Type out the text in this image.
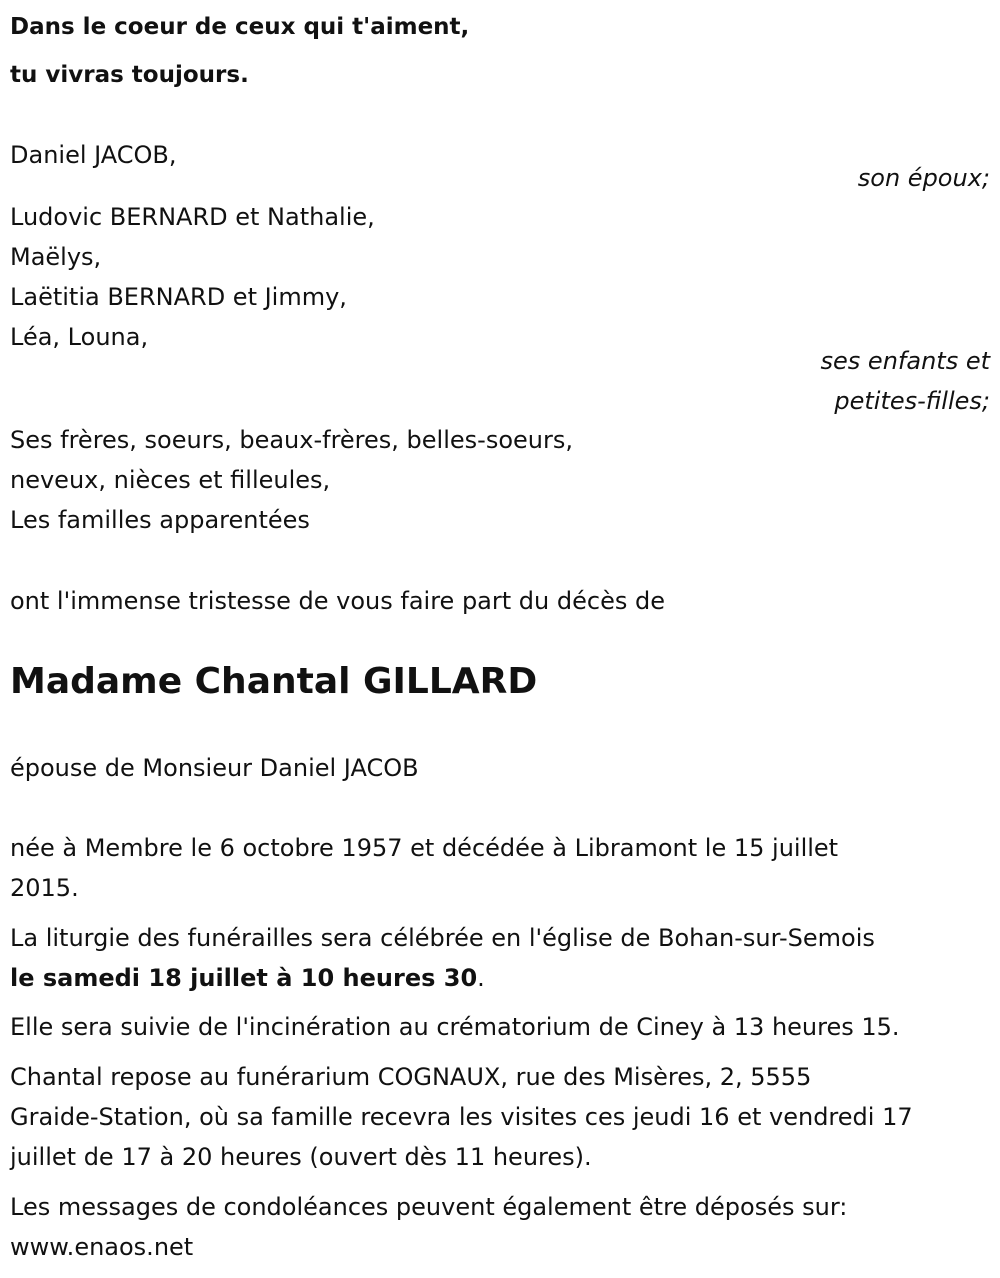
Dans le coeur de ceux qui t'aiment,
tu vivras toujours.
Daniel JACOB,
son époux;
Ludovic BERNARD et Nathalie,
Maëlys,
Laëtitia BERNARD et Jimmy,
Léa, Louna,
ses enfants et
petites-filles;
Ses frères, soeurs, beaux-frères, belles-soeurs,
neveux, nièces et filleules,
Les familles apparentées
ont l'immense tristesse de vous faire part du décès de
Madame Chantal GILLARD
épouse de Monsieur Daniel JACOB
née à Membre le 6 octobre 1957 et décédée à Libramont le 15 juillet
2015.
La liturgie des funérailles sera célébrée en l'église de Bohan-sur-Semois
le samedi 18 juillet à 10 heures 30.
Elle sera suivie de l'incinération au crématorium de Ciney à 13 heures 15.
Chantal repose au funérarium COGNAUX, rue des Misères, 2, 5555
Graide-Station, où sa famille recevra les visites ces jeudi 16 et vendredi 17
juillet de 17 à 20 heures (ouvert dès 11 heures).
Les messages de condoléances peuvent également être déposés sur:
www.enaos.net
